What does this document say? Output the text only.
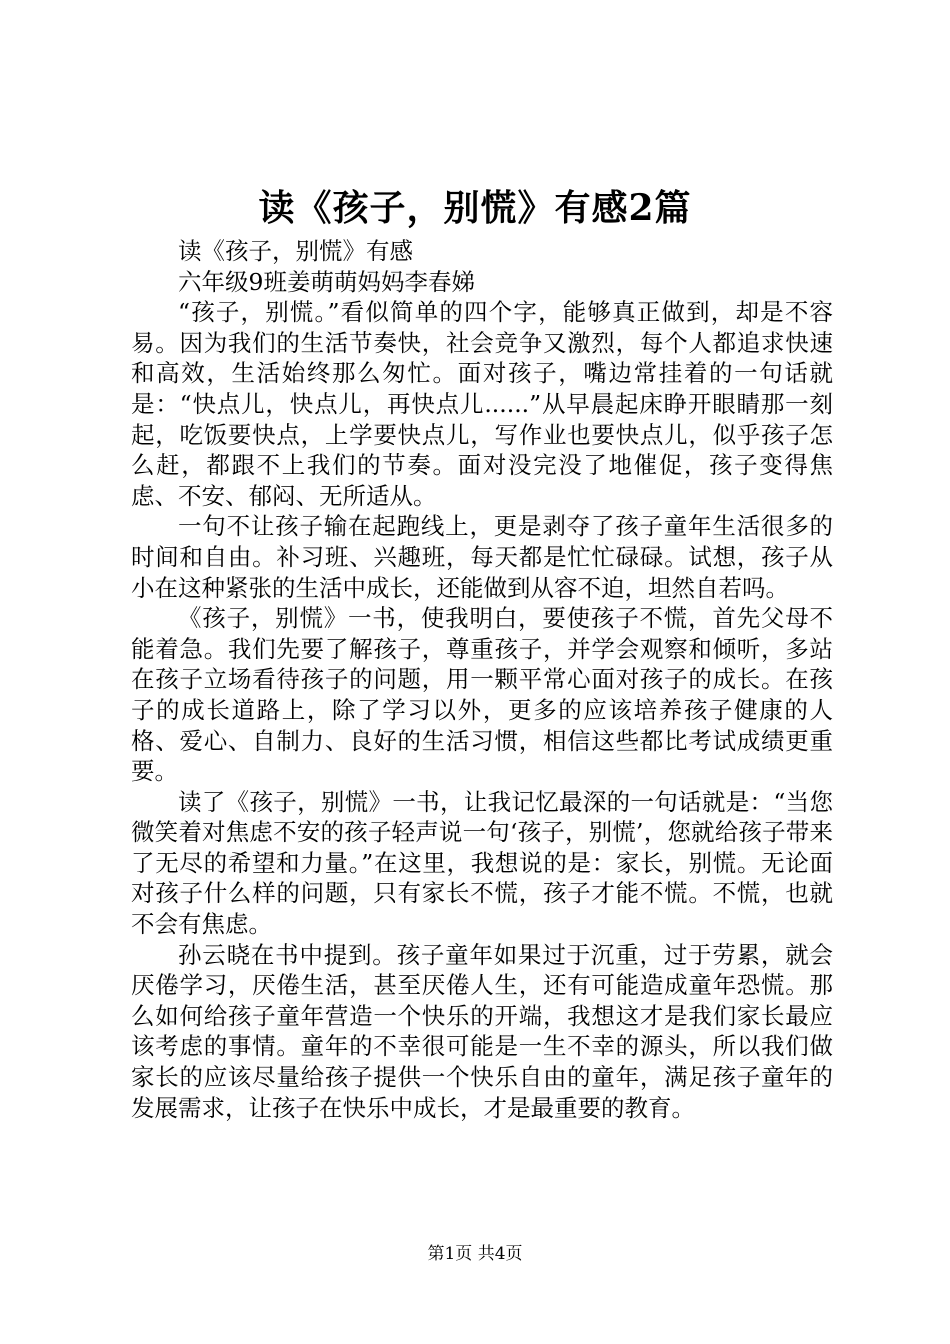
读《孩子，别慌》有感2篇

读《孩子，别慌》有感

六年级9班姜萌萌妈妈李春娣

“孩子，别慌。”看似简单的四个字，能够真正做到，却是不容易。因为我们的生活节奏快，社会竞争又激烈，每个人都追求快速和高效，生活始终那么匆忙。面对孩子，嘴边常挂着的一句话就是：“快点儿，快点儿，再快点儿......”从早晨起床睁开眼睛那一刻起，吃饭要快点，上学要快点儿，写作业也要快点儿，似乎孩子怎么赶，都跟不上我们的节奏。面对没完没了地催促，孩子变得焦虑、不安、郁闷、无所适从。

一句不让孩子输在起跑线上，更是剥夺了孩子童年生活很多的时间和自由。补习班、兴趣班，每天都是忙忙碌碌。试想，孩子从小在这种紧张的生活中成长，还能做到从容不迫，坦然自若吗。

《孩子，别慌》一书，使我明白，要使孩子不慌，首先父母不能着急。我们先要了解孩子，尊重孩子，并学会观察和倾听，多站在孩子立场看待孩子的问题，用一颗平常心面对孩子的成长。在孩子的成长道路上，除了学习以外，更多的应该培养孩子健康的人格、爱心、自制力、良好的生活习惯，相信这些都比考试成绩更重要。

读了《孩子，别慌》一书，让我记忆最深的一句话就是：“当您微笑着对焦虑不安的孩子轻声说一句‘孩子，别慌’，您就给孩子带来了无尽的希望和力量。”在这里，我想说的是：家长，别慌。无论面对孩子什么样的问题，只有家长不慌，孩子才能不慌。不慌，也就不会有焦虑。

孙云晓在书中提到。孩子童年如果过于沉重，过于劳累，就会厌倦学习，厌倦生活，甚至厌倦人生，还有可能造成童年恐慌。那么如何给孩子童年营造一个快乐的开端，我想这才是我们家长最应该考虑的事情。童年的不幸很可能是一生不幸的源头，所以我们做家长的应该尽量给孩子提供一个快乐自由的童年，满足孩子童年的发展需求，让孩子在快乐中成长，才是最重要的教育。

第1页 共4页
